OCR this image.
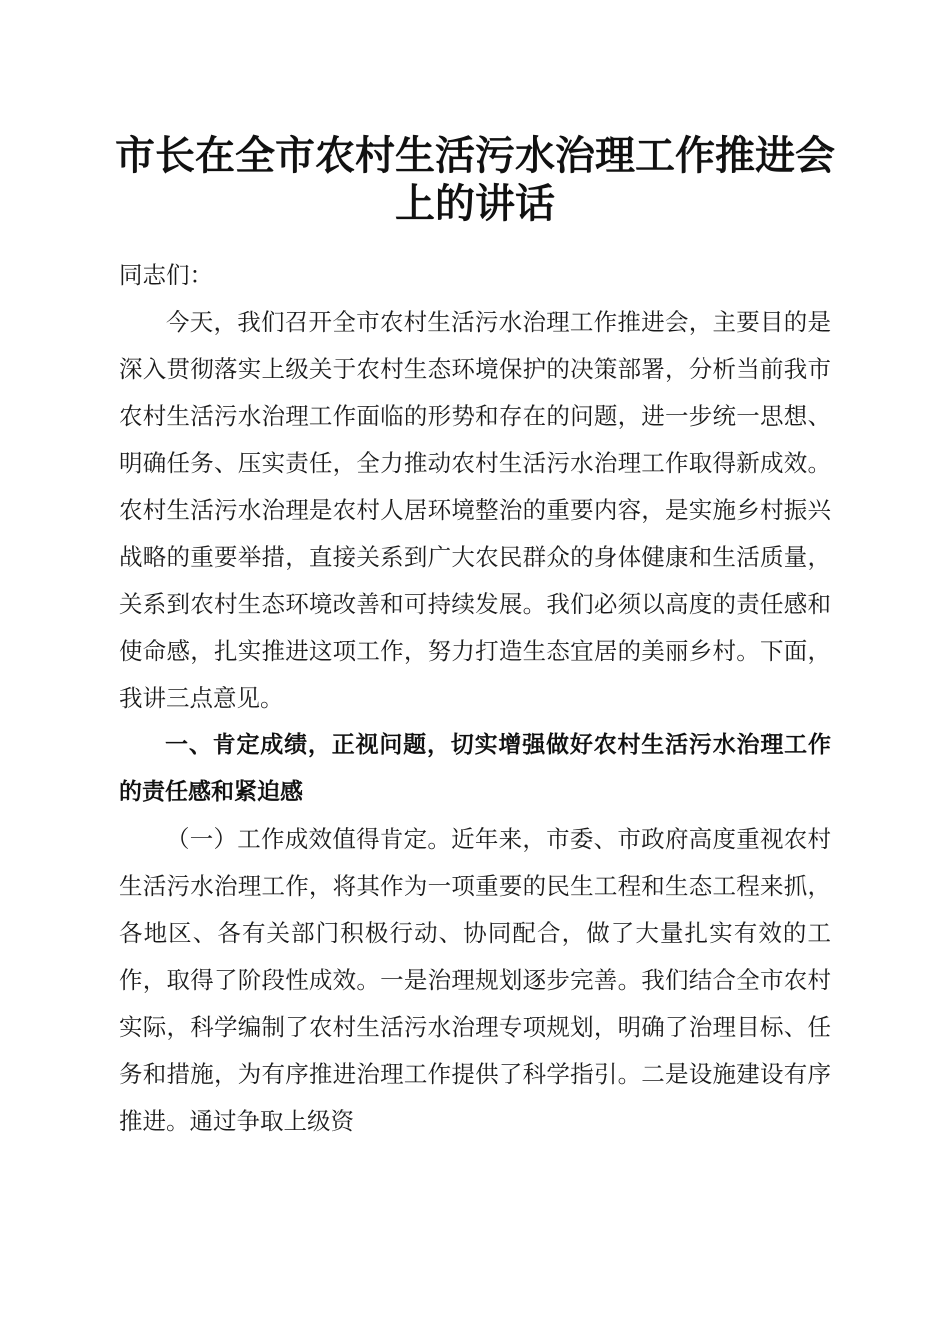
市长在全市农村生活污水治理工作推进会上的讲话

同志们：

今天，我们召开全市农村生活污水治理工作推进会，主要目的是深入贯彻落实上级关于农村生态环境保护的决策部署，分析当前我市农村生活污水治理工作面临的形势和存在的问题，进一步统一思想、明确任务、压实责任，全力推动农村生活污水治理工作取得新成效。农村生活污水治理是农村人居环境整治的重要内容，是实施乡村振兴战略的重要举措，直接关系到广大农民群众的身体健康和生活质量，关系到农村生态环境改善和可持续发展。我们必须以高度的责任感和使命感，扎实推进这项工作，努力打造生态宜居的美丽乡村。下面，我讲三点意见。

一、肯定成绩，正视问题，切实增强做好农村生活污水治理工作的责任感和紧迫感

（一）工作成效值得肯定。近年来，市委、市政府高度重视农村生活污水治理工作，将其作为一项重要的民生工程和生态工程来抓，各地区、各有关部门积极行动、协同配合，做了大量扎实有效的工作，取得了阶段性成效。一是治理规划逐步完善。我们结合全市农村实际，科学编制了农村生活污水治理专项规划，明确了治理目标、任务和措施，为有序推进治理工作提供了科学指引。二是设施建设有序推进。通过争取上级资
